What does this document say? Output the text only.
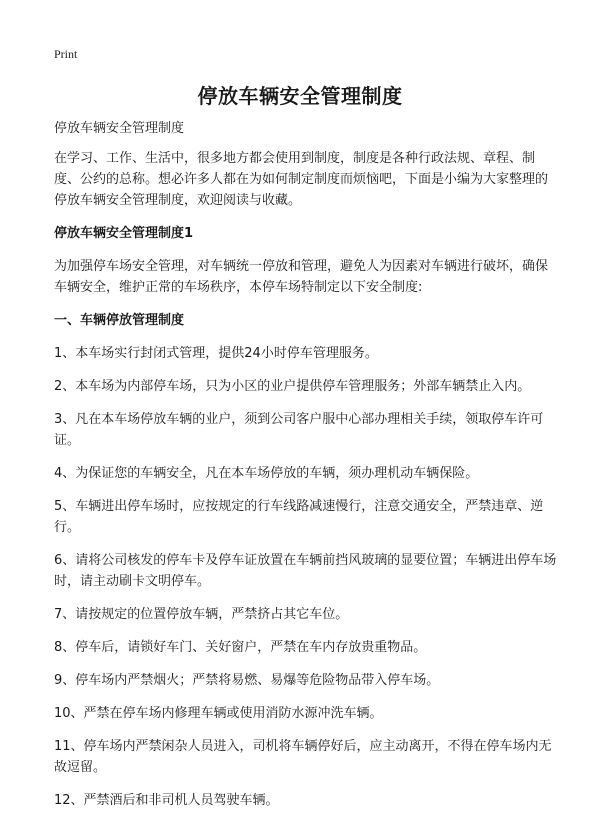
Print
停放车辆安全管理制度

停放车辆安全管理制度

在学习、工作、生活中，很多地方都会使用到制度，制度是各种行政法规、章程、制度、公约的总称。想必许多人都在为如何制定制度而烦恼吧，下面是小编为大家整理的停放车辆安全管理制度，欢迎阅读与收藏。

停放车辆安全管理制度1

为加强停车场安全管理，对车辆统一停放和管理，避免人为因素对车辆进行破坏，确保车辆安全，维护正常的车场秩序，本停车场特制定以下安全制度:

一、车辆停放管理制度

1、本车场实行封闭式管理，提供24小时停车管理服务。

2、本车场为内部停车场，只为小区的业户提供停车管理服务；外部车辆禁止入内。

3、凡在本车场停放车辆的业户，须到公司客户服中心部办理相关手续，领取停车许可证。

4、为保证您的车辆安全，凡在本车场停放的车辆，须办理机动车辆保险。

5、车辆进出停车场时，应按规定的行车线路减速慢行，注意交通安全，严禁违章、逆行。

6、请将公司核发的停车卡及停车证放置在车辆前挡风玻璃的显要位置；车辆进出停车场时，请主动刷卡文明停车。

7、请按规定的位置停放车辆，严禁挤占其它车位。

8、停车后，请锁好车门、关好窗户，严禁在车内存放贵重物品。

9、停车场内严禁烟火；严禁将易燃、易爆等危险物品带入停车场。

10、严禁在停车场内修理车辆或使用消防水源冲洗车辆。

11、停车场内严禁闲杂人员进入，司机将车辆停好后，应主动离开，不得在停车场内无故逗留。

12、严禁酒后和非司机人员驾驶车辆。
